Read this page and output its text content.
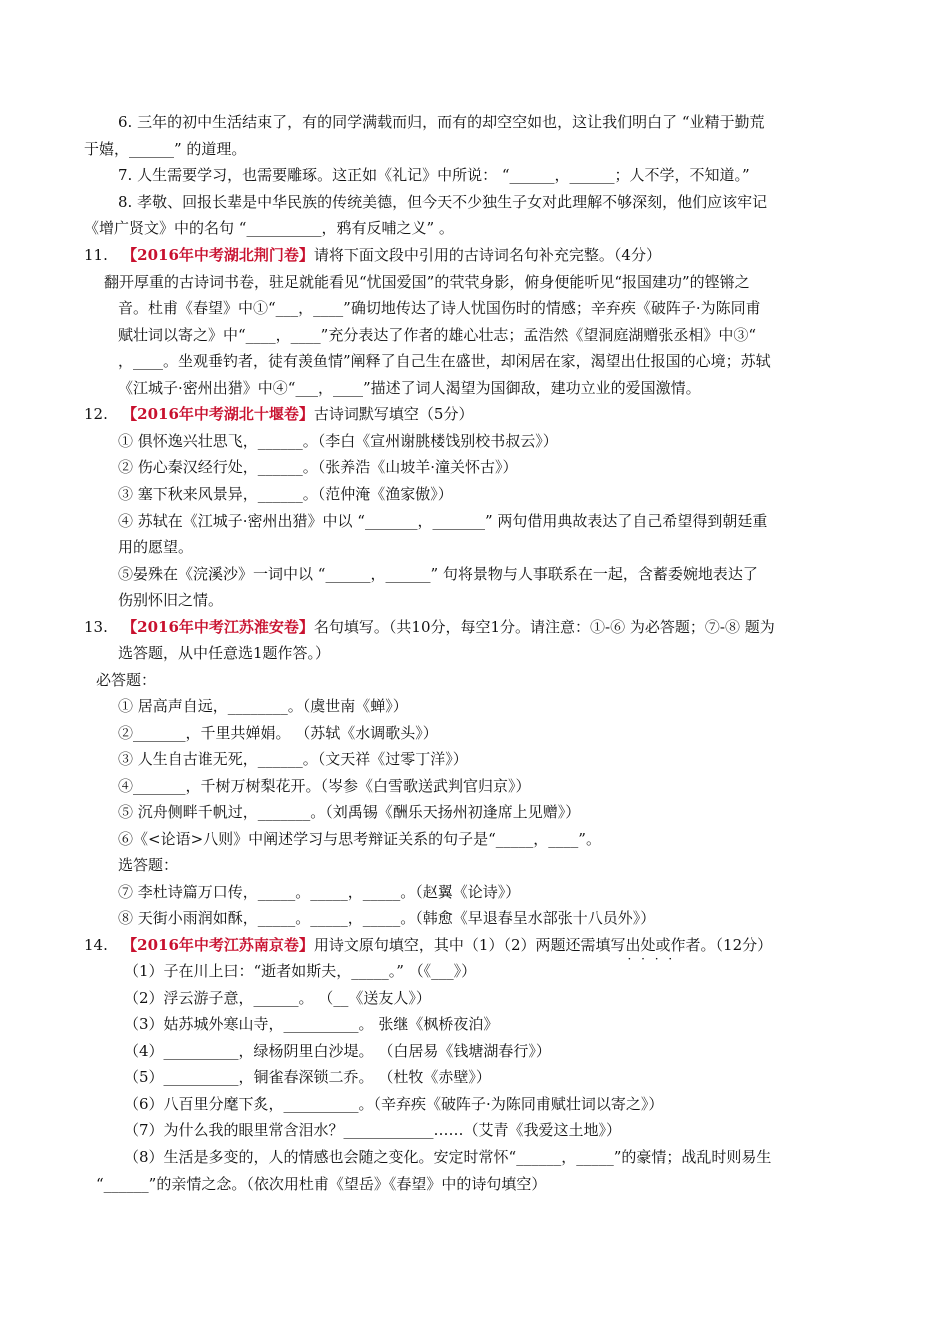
6. 三年的初中生活结束了，有的同学满载而归，而有的却空空如也，这让我们明白了 “业精于勤荒
于嬉，______” 的道理。
7. 人生需要学习，也需要雕琢。这正如《礼记》中所说： “______，______；人不学，不知道。”
8. 孝敬、回报长辈是中华民族的传统美德，但今天不少独生子女对此理解不够深刻，他们应该牢记
《增广贤文》中的名句 “__________，鸦有反哺之义” 。
11. 【2016年中考湖北荆门卷】请将下面文段中引用的古诗词名句补充完整。（4分）
翻开厚重的古诗词书卷，驻足就能看见“忧国爱国”的茕茕身影，俯身便能听见“报国建功”的铿锵之
音。杜甫《春望》中①“___，____”确切地传达了诗人忧国伤时的情感；辛弃疾《破阵子·为陈同甫
赋壮词以寄之》中“____，____”充分表达了作者的雄心壮志；孟浩然《望洞庭湖赠张丞相》中③“
，____。坐观垂钓者，徒有羡鱼情”阐释了自己生在盛世，却闲居在家，渴望出仕报国的心境；苏轼
《江城子·密州出猎》中④“___，____”描述了词人渴望为国御敌，建功立业的爱国激情。
12. 【2016年中考湖北十堰卷】古诗词默写填空（5分）
① 俱怀逸兴壮思飞，______。（李白《宣州谢朓楼饯别校书叔云》）
② 伤心秦汉经行处，______。（张养浩《山坡羊·潼关怀古》）
③ 塞下秋来风景异，______。（范仲淹《渔家傲》）
④ 苏轼在《江城子·密州出猎》中以 “_______，_______” 两句借用典故表达了自己希望得到朝廷重
用的愿望。
⑤晏殊在《浣溪沙》一词中以 “______，______” 句将景物与人事联系在一起，含蓄委婉地表达了
伤别怀旧之情。
13. 【2016年中考江苏淮安卷】名句填写。（共10分，每空1分。请注意：①-⑥ 为必答题；⑦-⑧ 题为
选答题，从中任意选1题作答。）
必答题：
① 居高声自远，________。（虞世南《蝉》）
②_______，千里共婵娟。 （苏轼《水调歌头》）
③ 人生自古谁无死，______。（文天祥《过零丁洋》）
④_______，千树万树梨花开。（岑参《白雪歌送武判官归京》）
⑤ 沉舟侧畔千帆过，_______。（刘禹锡《酬乐天扬州初逢席上见赠》）
⑥《<论语>八则》中阐述学习与思考辩证关系的句子是“_____，____”。
选答题：
⑦ 李杜诗篇万口传，_____。_____，_____。（赵翼《论诗》）
⑧ 天街小雨润如酥，_____。_____，_____。（韩愈《早退春呈水部张十八员外》）
14. 【2016年中考江苏南京卷】用诗文原句填空，其中（1）（2）两题还需填写出处或作者 · · · ·。（12分）
（1）子在川上曰：“逝者如斯夫，_____。” （《___》）
（2）浮云游子意，______。 （__《送友人》）
（3）姑苏城外寒山寺，__________。 张继《枫桥夜泊》
（4）__________，绿杨阴里白沙堤。 （白居易《钱塘湖春行》）
（5）__________，铜雀春深锁二乔。 （杜牧《赤壁》）
（6）八百里分麾下炙，__________。（辛弃疾《破阵子·为陈同甫赋壮词以寄之》）
（7）为什么我的眼里常含泪水？____________……（艾青《我爱这土地》）
（8）生活是多变的，人的情感也会随之变化。安定时常怀“______，_____”的豪情；战乱时则易生
“______”的亲情之念。（依次用杜甫《望岳》《春望》中的诗句填空）
